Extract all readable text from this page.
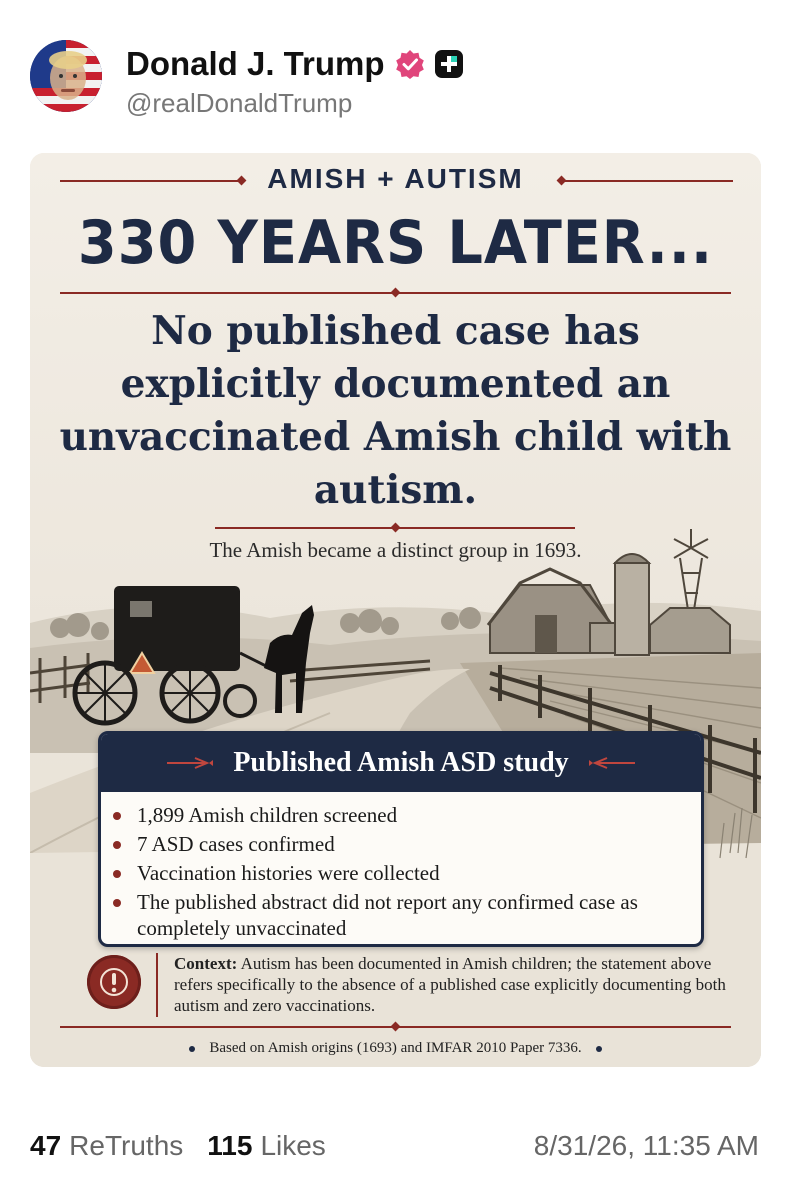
Donald J. Trump
@realDonaldTrump
AMISH + AUTISM
330 YEARS LATER...
No published case has explicitly documented an unvaccinated Amish child with autism.
The Amish became a distinct group in 1693.
Published Amish ASD study
1,899 Amish children screened
7 ASD cases confirmed
Vaccination histories were collected
The published abstract did not report any confirmed case as completely unvaccinated
Context: Autism has been documented in Amish children; the statement above refers specifically to the absence of a published case explicitly documenting both autism and zero vaccinations.
Based on Amish origins (1693) and IMFAR 2010 Paper 7336.
47 ReTruths 115 Likes	8/31/26, 11:35 AM
